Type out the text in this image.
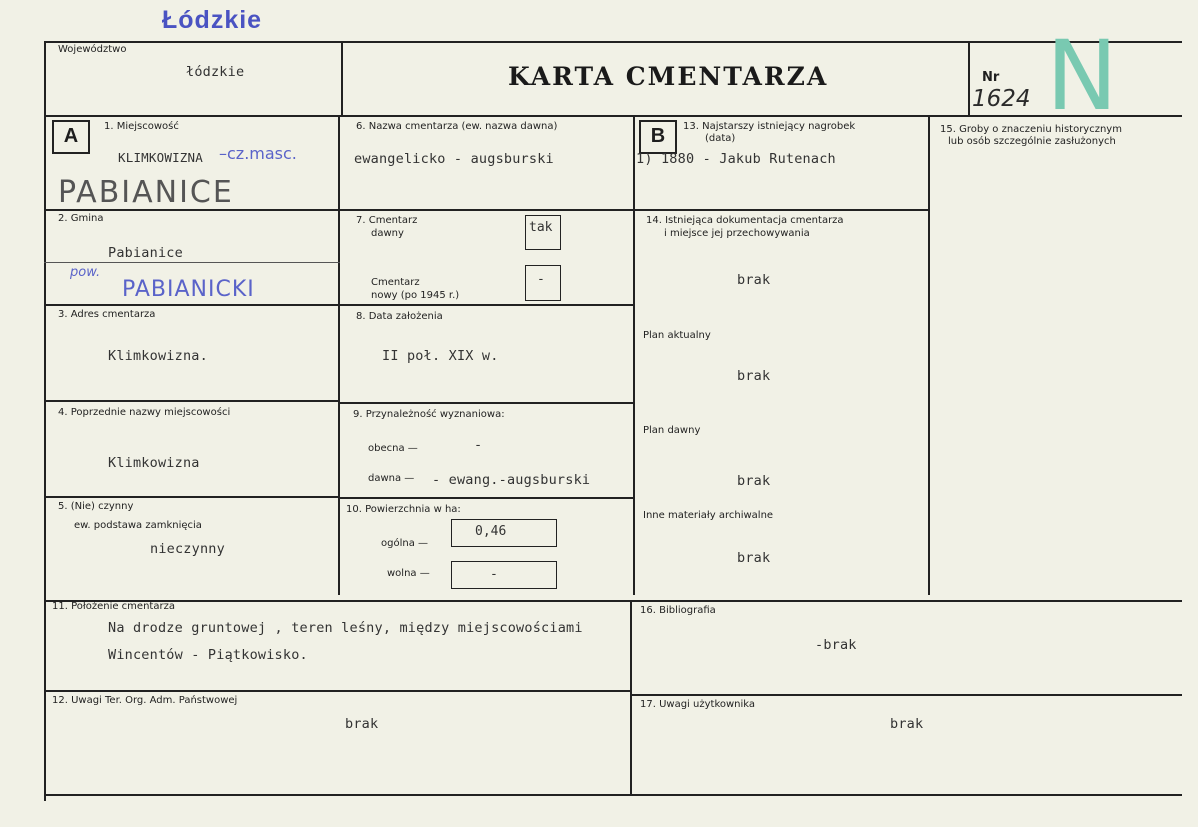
Łódzkie
Województwo
łódzkie	KARTA CMENTARZA	Nr
1624 N
A	B
1. Miejscowość
KLIMKOWIZNA –cz.masc.
PABIANICE
2. Gmina
Pabianice
pow.
PABIANICKI
3. Adres cmentarza
Klimkowizna.
4. Poprzednie nazwy miejscowości
Klimkowizna
5. (Nie) czynny
ew. podstawa zamknięcia
nieczynny
6. Nazwa cmentarza (ew. nazwa dawna)
ewangelicko - augsburski
7. Cmentarz
dawny	tak
Cmentarz
nowy (po 1945 r.)
-
8. Data założenia
II poł. XIX w.
9. Przynależność wyznaniowa:
obecna —	-
dawna — - ewang.-augsburski
10. Powierzchnia w ha:
ogólna —
0,46
wolna —	-
13. Najstarszy istniejący nagrobek
(data)
1) 1880 - Jakub Rutenach
14. Istniejąca dokumentacja cmentarza
i miejsce jej przechowywania
brak
Plan aktualny
brak
Plan dawny
brak
Inne materiały archiwalne
brak
15. Groby o znaczeniu historycznym
lub osób szczególnie zasłużonych
11. Położenie cmentarza
Na drodze gruntowej , teren leśny, między miejscowościami
Wincentów - Piątkowisko.
12. Uwagi Ter. Org. Adm. Państwowej
brak
16. Bibliografia
-brak
17. Uwagi użytkownika
brak
